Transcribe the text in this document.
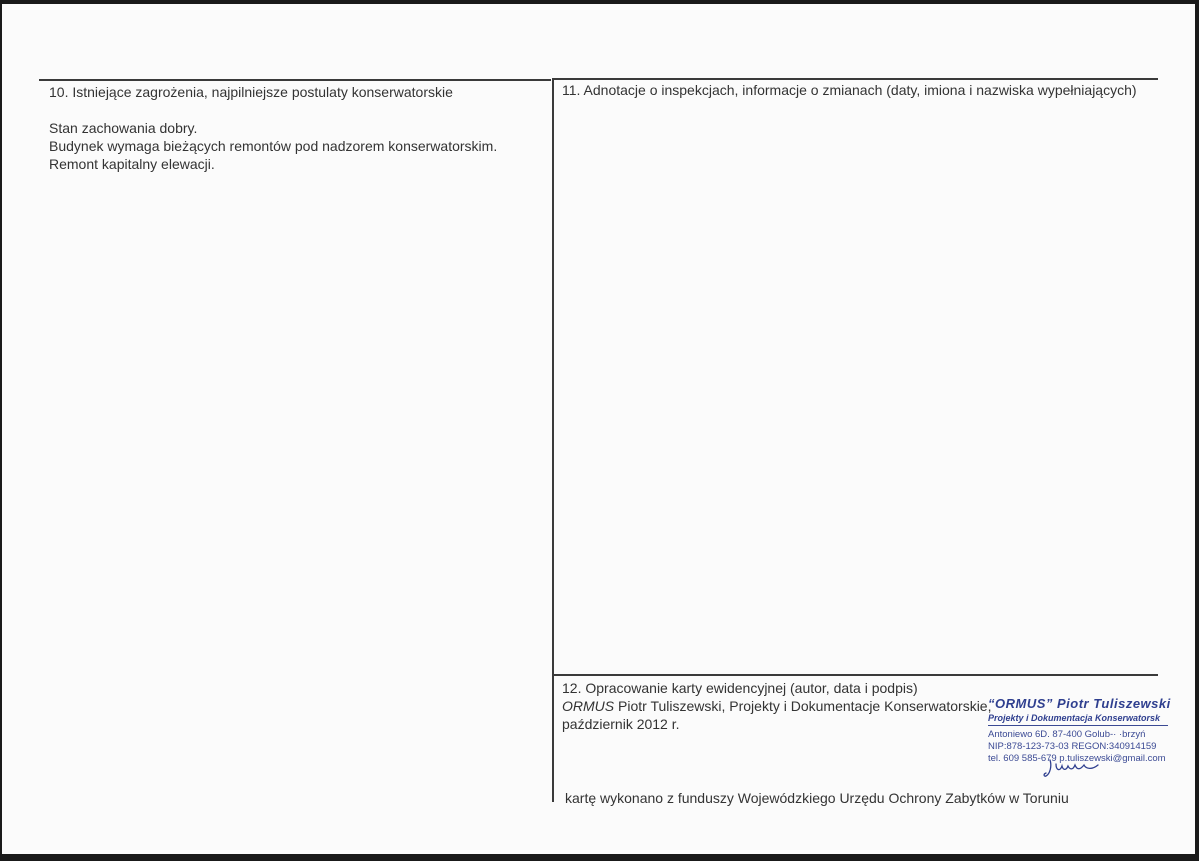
10. Istniejące zagrożenia, najpilniejsze postulaty konserwatorskie
Stan zachowania dobry.
Budynek wymaga bieżących remontów pod nadzorem konserwatorskim.
Remont kapitalny elewacji.
11. Adnotacje o inspekcjach, informacje o zmianach (daty, imiona i nazwiska wypełniających)
12. Opracowanie karty ewidencyjnej (autor, data i podpis)
ORMUS Piotr Tuliszewski, Projekty i Dokumentacje Konserwatorskie,
październik 2012 r.
“ORMUS” Piotr Tuliszewski
Projekty i Dokumentacja Konserwatorsk
Antoniewo 6D. 87-400 Golub-· ·brzyń
NIP:878-123-73-03 REGON:340914159
tel. 609 585-679 p.tuliszewski@gmail.com
kartę wykonano z funduszy Wojewódzkiego Urzędu Ochrony Zabytków w Toruniu
